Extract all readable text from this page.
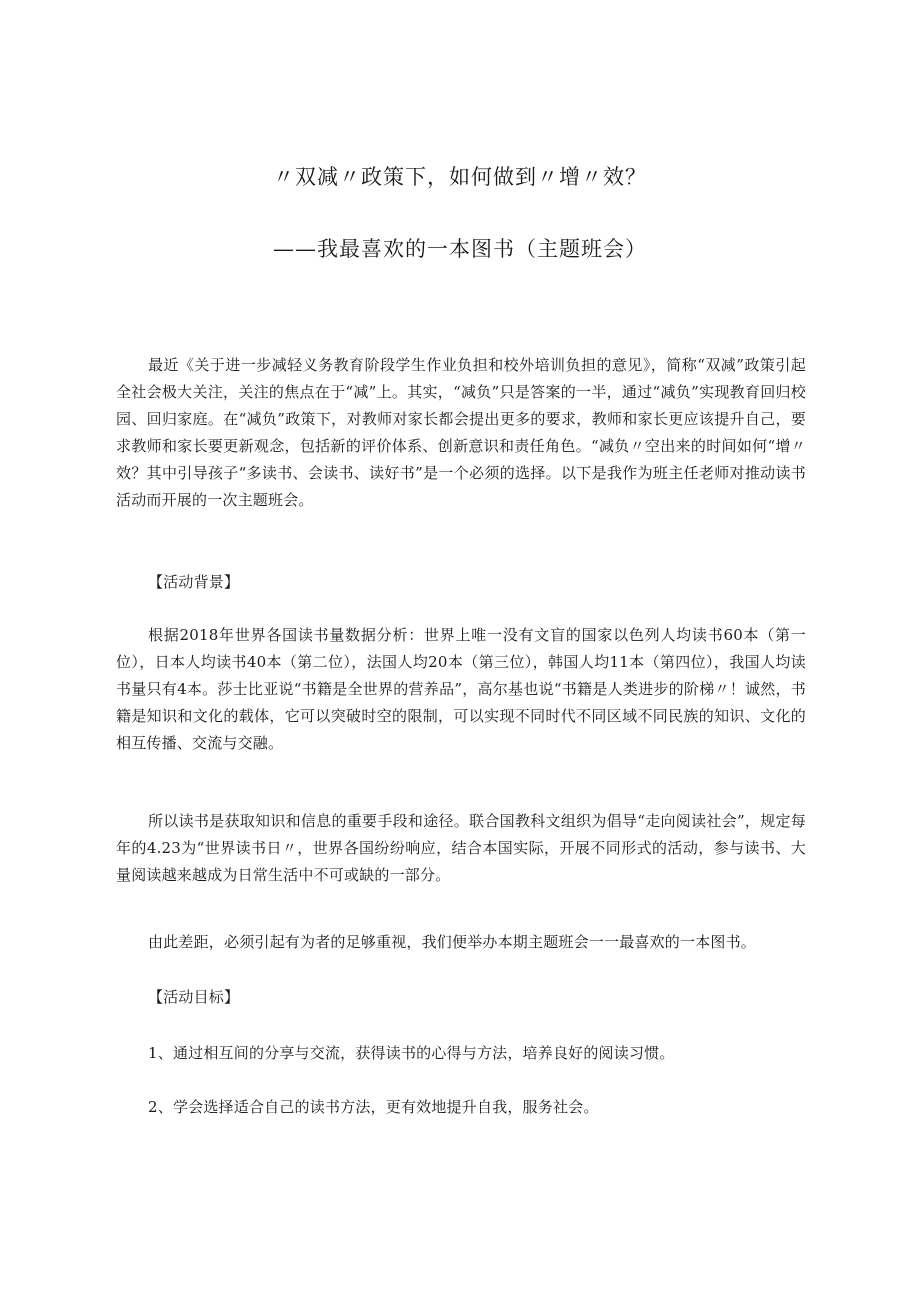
〃双减〃政策下，如何做到〃增〃效？
——我最喜欢的一本图书（主题班会）

最近《关于进一步减轻义务教育阶段学生作业负担和校外培训负担的意见》，简称“双减”政策引起全社会极大关注，关注的焦点在于“减”上。其实，“减负”只是答案的一半，通过“减负”实现教育回归校园、回归家庭。在“减负”政策下，对教师对家长都会提出更多的要求，教师和家长更应该提升自己，要求教师和家长要更新观念，包括新的评价体系、创新意识和责任角色。“减负〃空出来的时间如何“增〃效？其中引导孩子“多读书、会读书、读好书”是一个必须的选择。以下是我作为班主任老师对推动读书活动而开展的一次主题班会。

【活动背景】

根据2018年世界各国读书量数据分析：世界上唯一没有文盲的国家以色列人均读书60本（第一位），日本人均读书40本（第二位），法国人均20本（第三位），韩国人均11本（第四位），我国人均读书量只有4本。莎士比亚说“书籍是全世界的营养品”，高尔基也说“书籍是人类进步的阶梯〃！诚然，书籍是知识和文化的载体，它可以突破时空的限制，可以实现不同时代不同区域不同民族的知识、文化的相互传播、交流与交融。

所以读书是获取知识和信息的重要手段和途径。联合国教科文组织为倡导“走向阅读社会”，规定每年的4.23为“世界读书日〃，世界各国纷纷响应，结合本国实际，开展不同形式的活动，参与读书、大量阅读越来越成为日常生活中不可或缺的一部分。

由此差距，必须引起有为者的足够重视，我们便举办本期主题班会一一最喜欢的一本图书。

【活动目标】

1、通过相互间的分享与交流，获得读书的心得与方法，培养良好的阅读习惯。

2、学会选择适合自己的读书方法，更有效地提升自我，服务社会。
